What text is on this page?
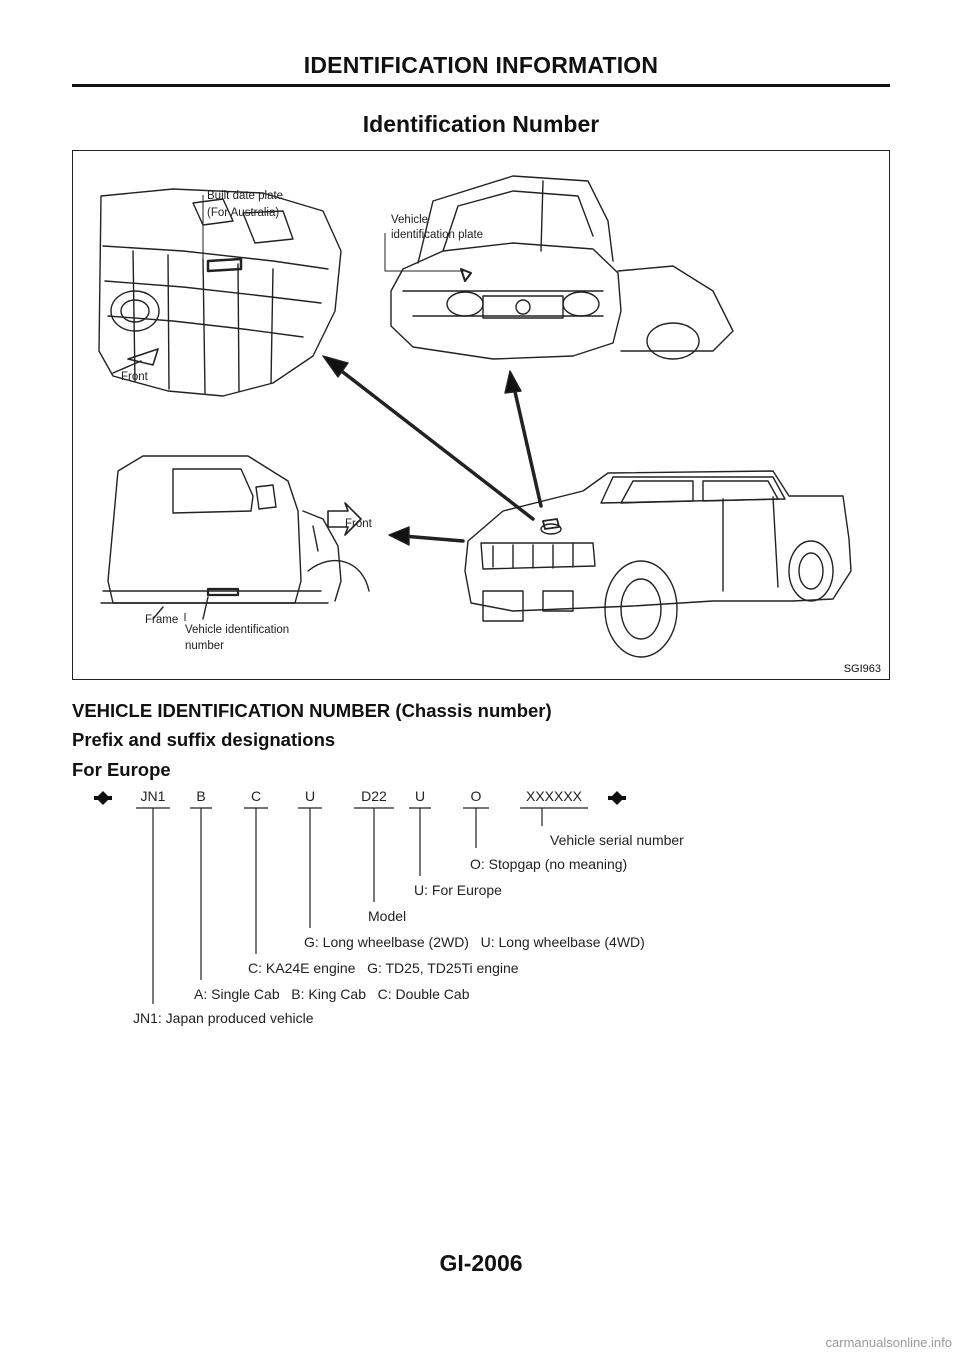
IDENTIFICATION INFORMATION
Identification Number
Built date plate
(For Australia)
Vehicle
identification plate
Front
Front
Frame
Vehicle identification
number
SGI963
VEHICLE IDENTIFICATION NUMBER (Chassis number)
Prefix and suffix designations
For Europe
JN1 B	C	U	D22 U	O	XXXXXX
JN1: Japan produced vehicle
A: Single Cab   B: King Cab   C: Double Cab
C: KA24E engine   G: TD25, TD25Ti engine
G: Long wheelbase (2WD)   U: Long wheelbase (4WD)
Model
U: For Europe
O: Stopgap (no meaning)
Vehicle serial number
GI-2006
carmanualsonline.info
